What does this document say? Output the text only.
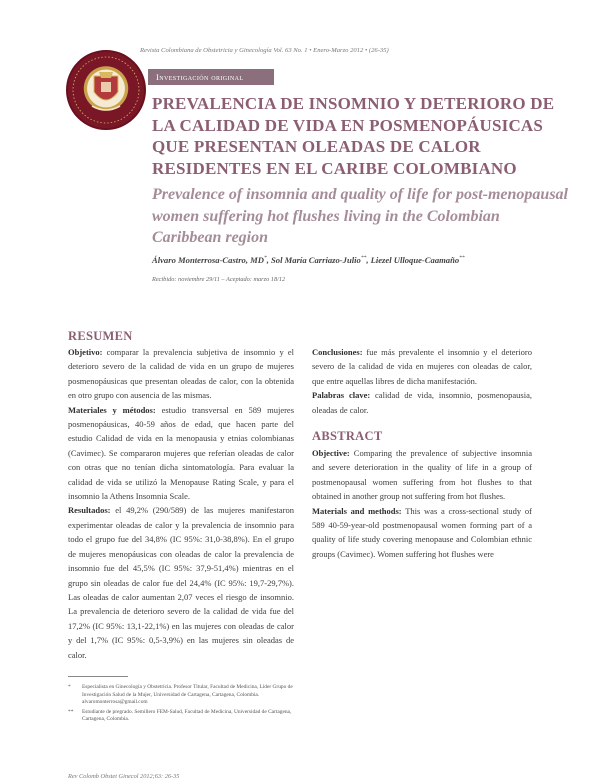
Revista Colombiana de Obstetricia y Ginecología Vol. 63 No. 1 • Enero-Marzo 2012 • (26-35)
Investigación original
PREVALENCIA DE INSOMNIO Y DETERIORO DE LA CALIDAD DE VIDA EN POSMENOPÁUSICAS QUE PRESENTAN OLEADAS DE CALOR RESIDENTES EN EL CARIBE COLOMBIANO
Prevalence of insomnia and quality of life for post-menopausal women suffering hot flushes living in the Colombian Caribbean region
Álvaro Monterrosa-Castro, MD*, Sol María Carriazo-Julio**, Liezel Ulloque-Caamaño**
Recibido: noviembre 29/11 – Aceptado: marzo 18/12
RESUMEN

Objetivo: comparar la prevalencia subjetiva de insomnio y el deterioro severo de la calidad de vida en un grupo de mujeres posmenopáusicas que presentan oleadas de calor, con la obtenida en otro grupo con ausencia de las mismas.

Materiales y métodos: estudio transversal en 589 mujeres posmenopáusicas, 40-59 años de edad, que hacen parte del estudio Calidad de vida en la menopausia y etnias colombianas (Cavimec). Se compararon mujeres que referían oleadas de calor con otras que no tenían dicha sintomatología. Para evaluar la calidad de vida se utilizó la Menopause Rating Scale, y para el insomnio la Athens Insomnia Scale.

Resultados: el 49,2% (290/589) de las mujeres manifestaron experimentar oleadas de calor y la prevalencia de insomnio para todo el grupo fue del 34,8% (IC 95%: 31,0-38,8%). En el grupo de mujeres menopáusicas con oleadas de calor la prevalencia de insomnio fue del 45,5% (IC 95%: 37,9-51,4%) mientras en el grupo sin oleadas de calor fue del 24,4% (IC 95%: 19,7-29,7%). Las oleadas de calor aumentan 2,07 veces el riesgo de insomnio. La prevalencia de deterioro severo de la calidad de vida fue del 17,2% (IC 95%: 13,1-22,1%) en las mujeres con oleadas de calor y del 1,7% (IC 95%: 0,5-3,9%) en las mujeres sin oleadas de calor.

Conclusiones: fue más prevalente el insomnio y el deterioro severo de la calidad de vida en mujeres con oleadas de calor, que entre aquellas libres de dicha manifestación.

Palabras clave: calidad de vida, insomnio, posmenopausia, oleadas de calor.

ABSTRACT

Objective: Comparing the prevalence of subjective insomnia and severe deterioration in the quality of life in a group of postmenopausal women suffering from hot flushes to that obtained in another group not suffering from hot flushes.

Materials and methods: This was a cross-sectional study of 589 40-59-year-old postmenopausal women forming part of a quality of life study covering menopause and Colombian ethnic groups (Cavimec). Women suffering hot flushes were

* Especialista en Ginecología y Obstetricia. Profesor Titular, Facultad de Medicina, Líder Grupo de Investigación Salud de la Mujer, Universidad de Cartagena, Cartagena, Colombia. alvaromonterrosa@gmail.com
** Estudiante de pregrado. Semillero FEM-Salud, Facultad de Medicina, Universidad de Cartagena, Cartagena, Colombia.
Rev Colomb Obstet Ginecol 2012;63: 26-35
